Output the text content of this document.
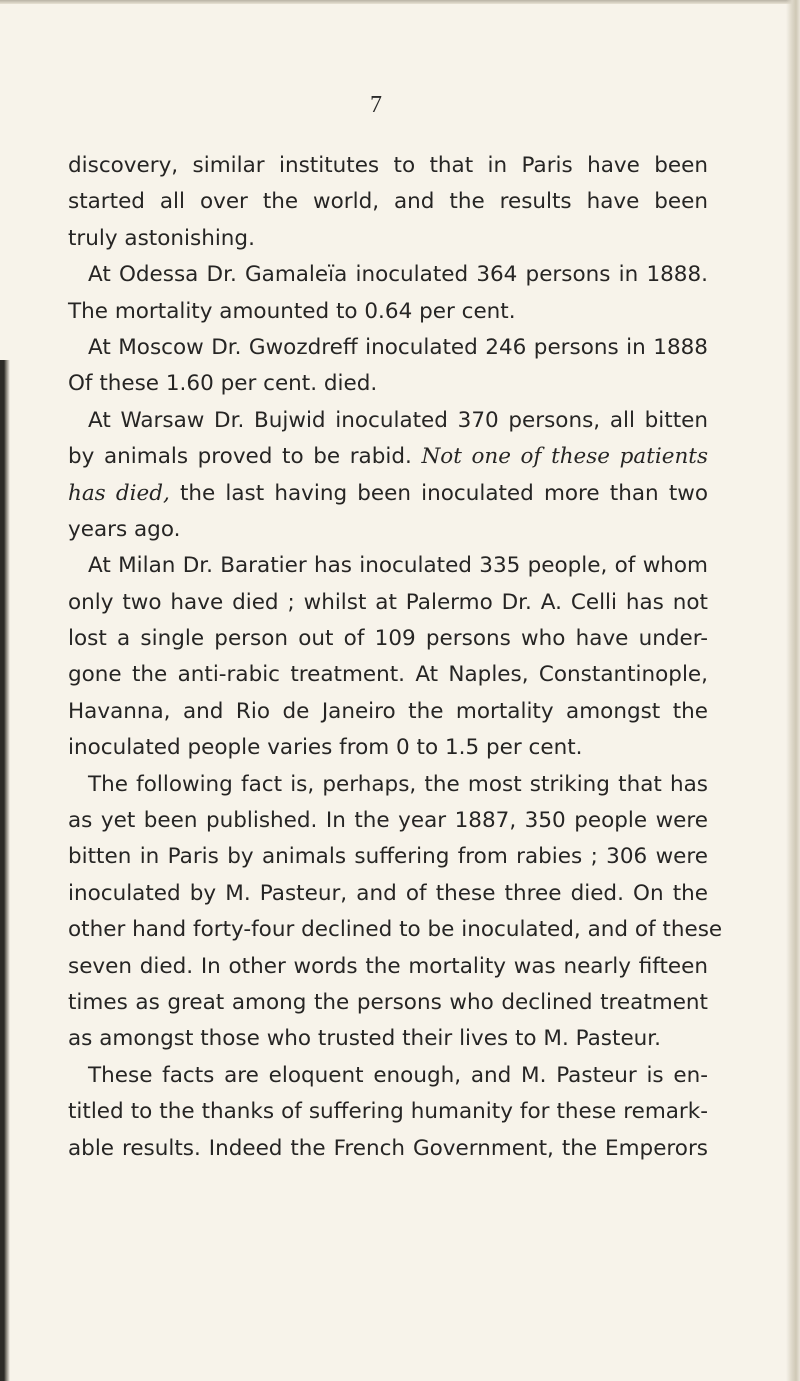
7
discovery, similar institutes to that in Paris have been
started all over the world, and the results have been
truly astonishing.
At Odessa Dr. Gamaleïa inoculated 364 persons in 1888.
The mortality amounted to 0.64 per cent.
At Moscow Dr. Gwozdreff inoculated 246 persons in 1888
Of these 1.60 per cent. died.
At Warsaw Dr. Bujwid inoculated 370 persons, all bitten
by animals proved to be rabid. Not one of these patients
has died, the last having been inoculated more than two
years ago.
At Milan Dr. Baratier has inoculated 335 people, of whom
only two have died ; whilst at Palermo Dr. A. Celli has not
lost a single person out of 109 persons who have under-
gone the anti-rabic treatment. At Naples, Constantinople,
Havanna, and Rio de Janeiro the mortality amongst the
inoculated people varies from 0 to 1.5 per cent.
The following fact is, perhaps, the most striking that has
as yet been published. In the year 1887, 350 people were
bitten in Paris by animals suffering from rabies ; 306 were
inoculated by M. Pasteur, and of these three died. On the
other hand forty-four declined to be inoculated, and of these
seven died. In other words the mortality was nearly fifteen
times as great among the persons who declined treatment
as amongst those who trusted their lives to M. Pasteur.
These facts are eloquent enough, and M. Pasteur is en-
titled to the thanks of suffering humanity for these remark-
able results. Indeed the French Government, the Emperors
